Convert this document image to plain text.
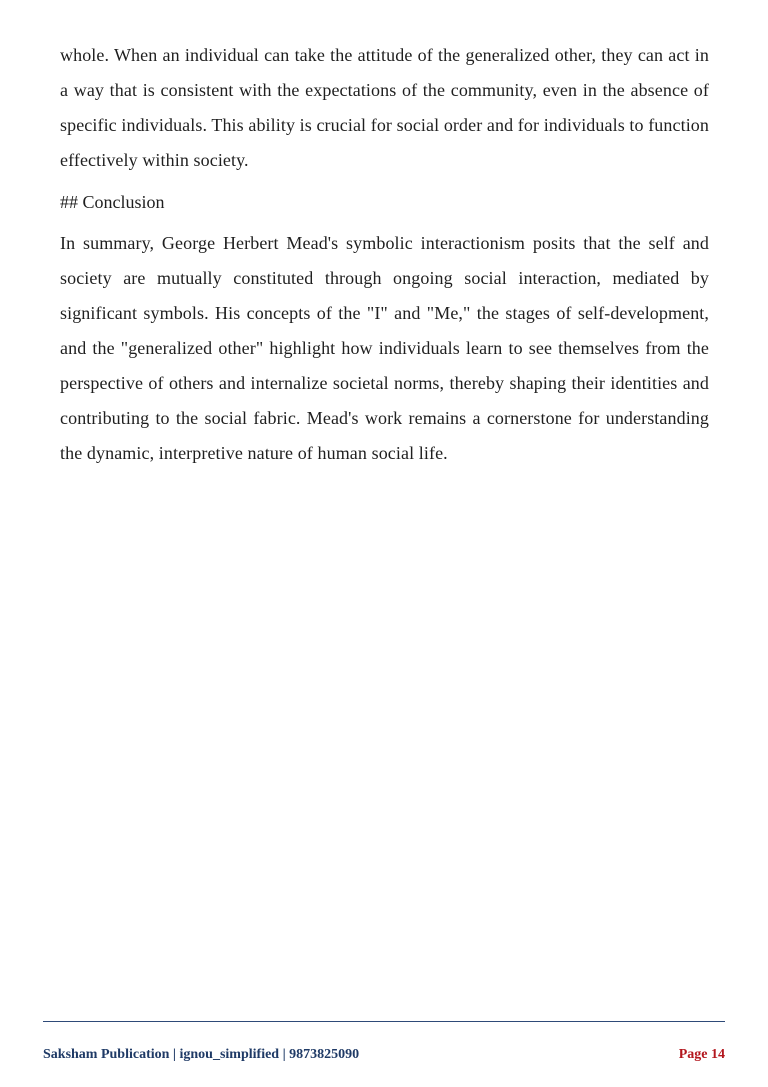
whole. When an individual can take the attitude of the generalized other, they can act in a way that is consistent with the expectations of the community, even in the absence of specific individuals. This ability is crucial for social order and for individuals to function effectively within society.

## Conclusion

In summary, George Herbert Mead's symbolic interactionism posits that the self and society are mutually constituted through ongoing social interaction, mediated by significant symbols. His concepts of the "I" and "Me," the stages of self-development, and the "generalized other" highlight how individuals learn to see themselves from the perspective of others and internalize societal norms, thereby shaping their identities and contributing to the social fabric. Mead's work remains a cornerstone for understanding the dynamic, interpretive nature of human social life.

Saksham Publication | ignou_simplified | 9873825090	Page 14
